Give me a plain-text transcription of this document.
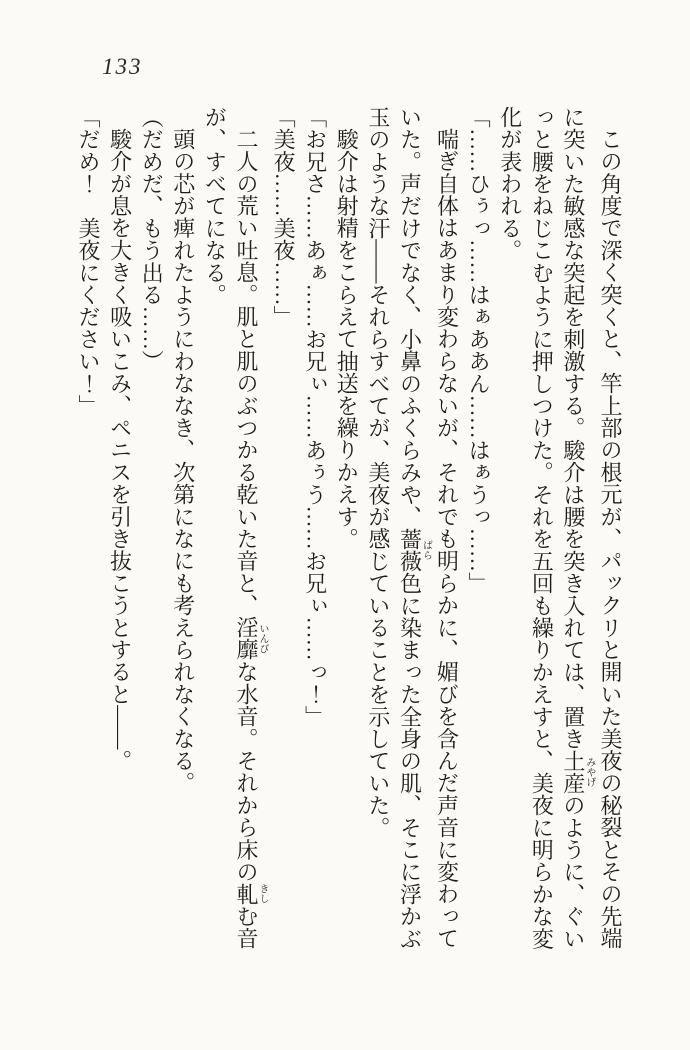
133

この角度で深く突くと、竿上部の根元が、パックリと開いた美夜の秘裂とその先端

に突いた敏感な突起を刺激する。駿介は腰を突き入れては、置き土産みやげのように、ぐい

っと腰をねじこむように押しつけた。それを五回も繰りかえすと、美夜に明らかな変

化が表われる。

「……ひぅっ……はぁああん……はぁうっ……」

喘ぎ自体はあまり変わらないが、それでも明らかに、媚びを含んだ声音に変わって

いた。声だけでなく、小鼻のふくらみや、薔薇ばら色に染まった全身の肌、そこに浮かぶ

玉のような汗——それらすべてが、美夜が感じていることを示していた。

駿介は射精をこらえて抽送を繰りかえす。

「お兄さ……あぁ……お兄ぃ……あぅう……お兄ぃ……っ！」

「美夜……美夜……」

二人の荒い吐息。肌と肌のぶつかる乾いた音と、淫靡いんびな水音。それから床の軋きしむ音

が、すべてになる。

頭の芯が痺れたようにわななき、次第になにも考えられなくなる。

（だめだ、もう出る……）

駿介が息を大きく吸いこみ、ペニスを引き抜こうとすると——。

「だめ！　美夜にください！」
